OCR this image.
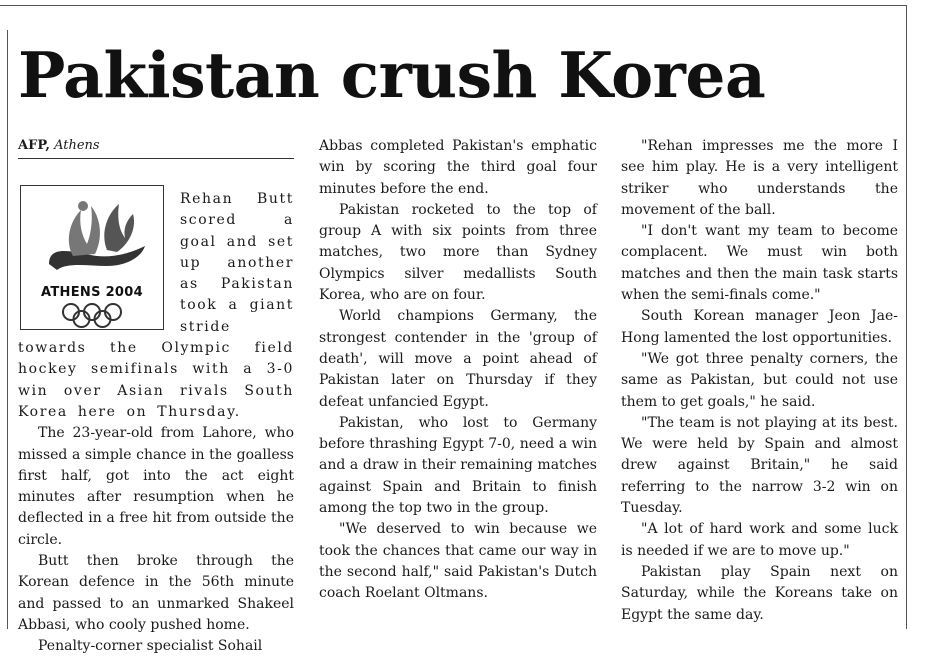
Pakistan crush Korea
AFP, Athens
ATHENS 2004

Rehan Butt scored a goal and set up another as Pakistan took a giant stride towards the Olympic field hockey semifinals with a 3-0 win over Asian rivals South Korea here on Thursday.

The 23-year-old from Lahore, who missed a simple chance in the goalless first half, got into the act eight minutes after resumption when he deflected in a free hit from outside the circle.

Butt then broke through the Korean defence in the 56th minute and passed to an unmarked Shakeel Abbasi, who cooly pushed home.

Penalty-corner specialist Sohail

Abbas completed Pakistan's emphatic win by scoring the third goal four minutes before the end.

Pakistan rocketed to the top of group A with six points from three matches, two more than Sydney Olympics silver medallists South Korea, who are on four.

World champions Germany, the strongest contender in the 'group of death', will move a point ahead of Pakistan later on Thursday if they defeat unfancied Egypt.

Pakistan, who lost to Germany before thrashing Egypt 7-0, need a win and a draw in their remaining matches against Spain and Britain to finish among the top two in the group.

"We deserved to win because we took the chances that came our way in the second half," said Pakistan's Dutch coach Roelant Oltmans.

"Rehan impresses me the more I see him play. He is a very intelligent striker who understands the movement of the ball.

"I don't want my team to become complacent. We must win both matches and then the main task starts when the semi-finals come."

South Korean manager Jeon Jae-Hong lamented the lost opportunities.

"We got three penalty corners, the same as Pakistan, but could not use them to get goals," he said.

"The team is not playing at its best. We were held by Spain and almost drew against Britain," he said referring to the narrow 3-2 win on Tuesday.

"A lot of hard work and some luck is needed if we are to move up."

Pakistan play Spain next on Saturday, while the Koreans take on Egypt the same day.
